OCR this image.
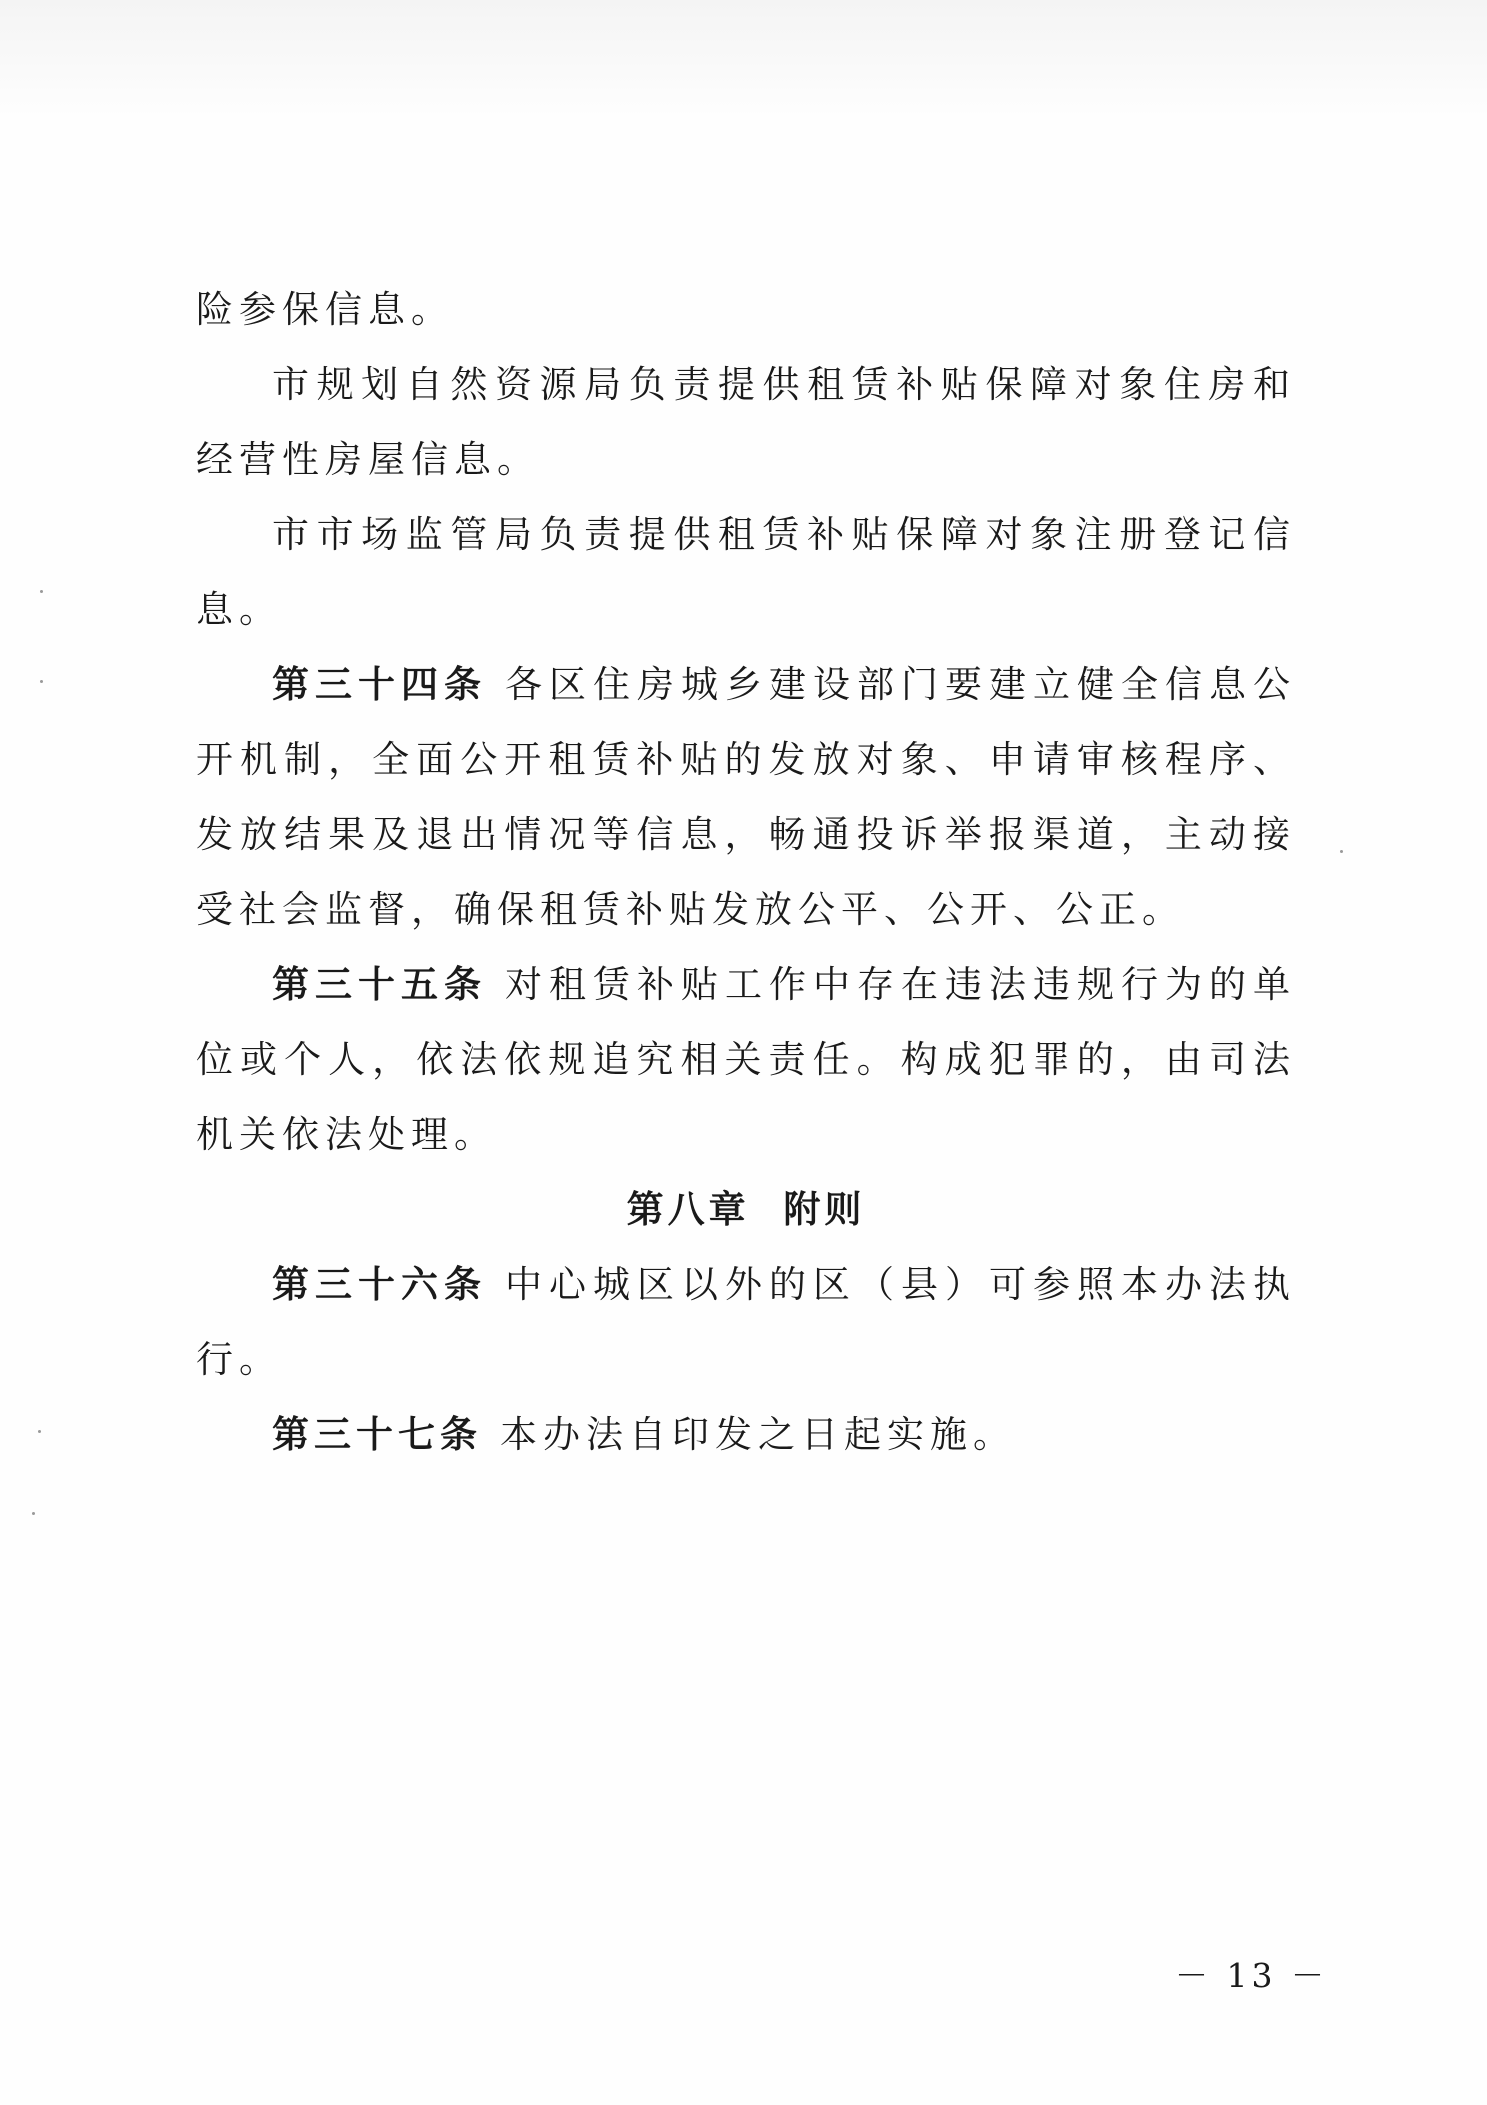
险参保信息。

市规划自然资源局负责提供租赁补贴保障对象住房和经营性房屋信息。

市市场监管局负责提供租赁补贴保障对象注册登记信息。

第三十四条 各区住房城乡建设部门要建立健全信息公开机制，全面公开租赁补贴的发放对象、申请审核程序、发放结果及退出情况等信息，畅通投诉举报渠道，主动接受社会监督，确保租赁补贴发放公平、公开、公正。

第三十五条 对租赁补贴工作中存在违法违规行为的单位或个人，依法依规追究相关责任。构成犯罪的，由司法机关依法处理。

第八章  附则

第三十六条 中心城区以外的区（县）可参照本办法执行。

第三十七条 本办法自印发之日起实施。

－ 13 －
